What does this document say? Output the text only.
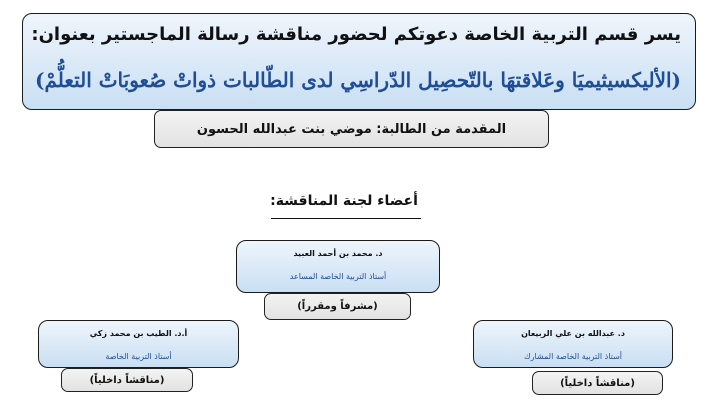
يسر قسم التربية الخاصة دعوتكم لحضور مناقشة رسالة الماجستير بعنوان:
(الأليكسيثيميَا وعَلاقتهَا بالتّحصِيل الدّراسِي لدى الطّالبات ذواتْ صُعوبَاتْ التعلُّمْ)
المقدمة من الطالبة: موضي بنت عبدالله الحسون
أعضاء لجنة المناقشة:
د. محمد بن أحمد العبيد
أستاذ التربية الخاصة المساعد
(مشرفاً ومقرراً)
أ.د. الطيب بن محمد زكي
أستاذ التربية الخاصة
(مناقشاً داخلياً)
د. عبدالله بن علي الربيعان
أستاذ التربية الخاصة المشارك
(مناقشاً داخلياً)
